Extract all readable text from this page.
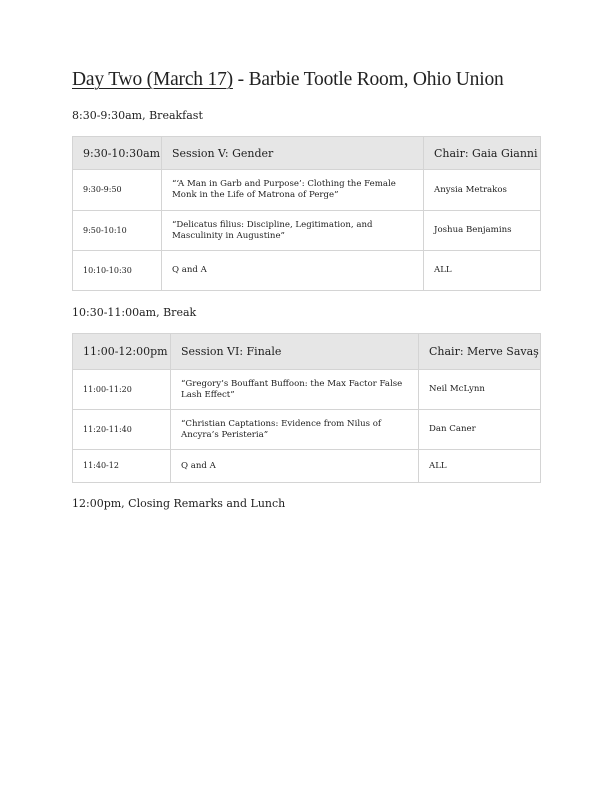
Day Two (March 17) - Barbie Tootle Room, Ohio Union
8:30-9:30am, Breakfast
9:30-10:30am	Session V: Gender	Chair: Gaia Gianni
9:30-9:50	“‘A Man in Garb and Purpose’: Clothing the Female Monk in the Life of Matrona of Perge”	Anysia Metrakos
9:50-10:10	“Delicatus filius: Discipline, Legitimation, and Masculinity in Augustine”	Joshua Benjamins
10:10-10:30	Q and A	ALL
10:30-11:00am, Break
11:00-12:00pm	Session VI: Finale	Chair: Merve Savaş
11:00-11:20	“Gregory’s Bouffant Buffoon: the Max Factor False Lash Effect”	Neil McLynn
11:20-11:40	“Christian Captations: Evidence from Nilus of Ancyra’s Peristeria”	Dan Caner
11:40-12	Q and A	ALL
12:00pm, Closing Remarks and Lunch
